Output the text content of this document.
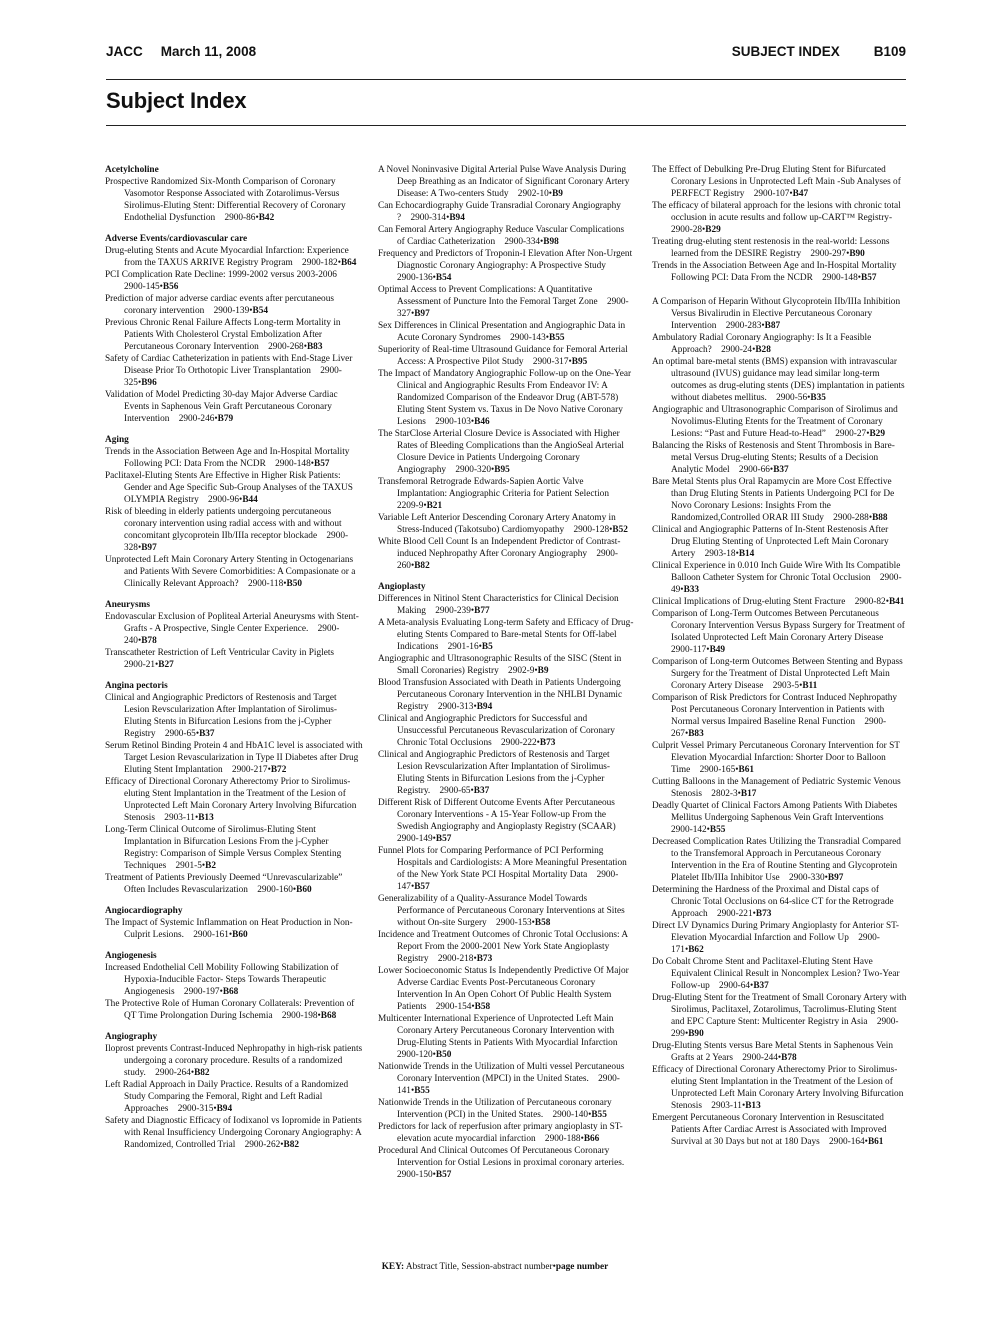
JACC March 11, 2008	SUBJECT INDEX	B109
Subject Index
Acetylcholine
Prospective Randomized Six-Month Comparison of Coronary Vasomotor Response Associated with Zotarolimus-Versus Sirolimus-Eluting Stent: Differential Recovery of Coronary Endothelial Dysfunction 2900-86•B42
Adverse Events/cardiovascular care
Drug-eluting Stents and Acute Myocardial Infarction: Experience from the TAXUS ARRIVE Registry Program 2900-182•B64
PCI Complication Rate Decline: 1999-2002 versus 2003-2006    2900-145•B56
Prediction of major adverse cardiac events after percutaneous coronary intervention 2900-139•B54
Previous Chronic Renal Failure Affects Long-term Mortality in Patients With Cholesterol Crystal Embolization After Percutaneous Coronary Intervention 2900-268•B83
Safety of Cardiac Catheterization in patients with End-Stage Liver Disease Prior To Orthotopic Liver Transplantation 2900-325•B96
Validation of Model Predicting 30-day Major Adverse Cardiac Events in Saphenous Vein Graft Percutaneous Coronary Intervention 2900-246•B79
Aging
Trends in the Association Between Age and In-Hospital Mortality Following PCI: Data From the NCDR 2900-148•B57
Paclitaxel-Eluting Stents Are Effective in Higher Risk Patients: Gender and Age Specific Sub-Group Analyses of the TAXUS OLYMPIA Registry 2900-96•B44
Risk of bleeding in elderly patients undergoing percutaneous coronary intervention using radial access with and without concomitant glycoprotein IIb/IIIa receptor blockade 2900-328•B97
Unprotected Left Main Coronary Artery Stenting in Octogenarians and Patients With Severe Comorbidities: A Compasionate or a Clinically Relevant Approach? 2900-118•B50
Aneurysms
Endovascular Exclusion of Popliteal Arterial Aneurysms with Stent-Grafts - A Prospective, Single Center Experience. 2900-240•B78
Transcatheter Restriction of Left Ventricular Cavity in Piglets    2900-21•B27
Angina pectoris
Clinical and Angiographic Predictors of Restenosis and Target Lesion Revscularization After Implantation of Sirolimus-Eluting Stents in Bifurcation Lesions from the j-Cypher Registry 2900-65•B37
Serum Retinol Binding Protein 4 and HbA1C level is associated with Target Lesion Revascularization in Type II Diabetes after Drug Eluting Stent Implantation 2900-217•B72
Efficacy of Directional Coronary Atherectomy Prior to Sirolimus-eluting Stent Implantation in the Treatment of the Lesion of Unprotected Left Main Coronary Artery Involving Bifurcation Stenosis 2903-11•B13
Long-Term Clinical Outcome of Sirolimus-Eluting Stent Implantation in Bifurcation Lesions From the j-Cypher Registry: Comparison of Simple Versus Complex Stenting Techniques 2901-5•B2
Treatment of Patients Previously Deemed “Unrevascularizable” Often Includes Revascularization 2900-160•B60
Angiocardiography
The Impact of Systemic Inflammation on Heat Production in Non-Culprit Lesions. 2900-161•B60
Angiogenesis
Increased Endothelial Cell Mobility Following Stabilization of Hypoxia-Inducible Factor- Steps Towards Therapeutic Angiogenesis 2900-197•B68
The Protective Role of Human Coronary Collaterals: Prevention of QT Time Prolongation During Ischemia 2900-198•B68
Angiography
Iloprost prevents Contrast-Induced Nephropathy in high-risk patients undergoing a coronary procedure. Results of a randomized study. 2900-264•B82
Left Radial Approach in Daily Practice. Results of a Randomized Study Comparing the Femoral, Right and Left Radial Approaches 2900-315•B94
Safety and Diagnostic Efficacy of Iodixanol vs Iopromide in Patients with Renal Insufficiency Undergoing Coronary Angiography: A Randomized, Controlled Trial 2900-262•B82
A Novel Noninvasive Digital Arterial Pulse Wave Analysis During Deep Breathing as an Indicator of Significant Coronary Artery Disease: A Two-centers Study 2902-10•B9
Can Echocardiography Guide Transradial Coronary Angiography ? 2900-314•B94
Can Femoral Artery Angiography Reduce Vascular Complications of Cardiac Catheterization 2900-334•B98
Frequency and Predictors of Troponin-I Elevation After Non-Urgent Diagnostic Coronary Angiography: A Prospective Study    2900-136•B54
Optimal Access to Prevent Complications: A Quantitative Assessment of Puncture Into the Femoral Target Zone 2900-327•B97
Sex Differences in Clinical Presentation and Angiographic Data in Acute Coronary Syndromes 2900-143•B55
Superiority of Real-time Ultrasound Guidance for Femoral Arterial Access: A Prospective Pilot Study 2900-317•B95
The Impact of Mandatory Angiographic Follow-up on the One-Year Clinical and Angiographic Results From Endeavor IV: A Randomized Comparison of the Endeavor Drug (ABT-578) Eluting Stent System vs. Taxus in De Novo Native Coronary Lesions 2900-103•B46
The StarClose Arterial Closure Device is Associated with Higher Rates of Bleeding Complications than the AngioSeal Arterial Closure Device in Patients Undergoing Coronary Angiography 2900-320•B95
Transfemoral Retrograde Edwards-Sapien Aortic Valve Implantation: Angiographic Criteria for Patient Selection    2209-9•B21
Variable Left Anterior Descending Coronary Artery Anatomy in Stress-Induced (Takotsubo) Cardiomyopathy 2900-128•B52
White Blood Cell Count Is an Independent Predictor of Contrast-induced Nephropathy After Coronary Angiography 2900-260•B82
Angioplasty
Differences in Nitinol Stent Characteristics for Clinical Decision Making 2900-239•B77
A Meta-analysis Evaluating Long-term Safety and Efficacy of Drug-eluting Stents Compared to Bare-metal Stents for Off-label Indications 2901-16•B5
Angiographic and Ultrasonographic Results of the SISC (Stent in Small Coronaries) Registry 2902-9•B9
Blood Transfusion Associated with Death in Patients Undergoing Percutaneous Coronary Intervention in the NHLBI Dynamic Registry 2900-313•B94
Clinical and Angiographic Predictors for Successful and Unsuccessful Percutaneous Revascularization of Coronary Chronic Total Occlusions 2900-222•B73
Clinical and Angiographic Predictors of Restenosis and Target Lesion Revscularization After Implantation of Sirolimus-Eluting Stents in Bifurcation Lesions from the j-Cypher Registry. 2900-65•B37
Different Risk of Different Outcome Events After Percutaneous Coronary Interventions - A 15-Year Follow-up From the Swedish Angiography and Angioplasty Registry (SCAAR)    2900-149•B57
Funnel Plots for Comparing Performance of PCI Performing Hospitals and Cardiologists: A More Meaningful Presentation of the New York State PCI Hospital Mortality Data 2900-147•B57
Generalizability of a Quality-Assurance Model Towards Performance of Percutaneous Coronary Interventions at Sites without On-site Surgery 2900-153•B58
Incidence and Treatment Outcomes of Chronic Total Occlusions: A Report From the 2000-2001 New York State Angioplasty Registry 2900-218•B73
Lower Socioeconomic Status Is Independently Predictive Of Major Adverse Cardiac Events Post-Percutaneous Coronary Intervention In An Open Cohort Of Public Health System Patients 2900-154•B58
Multicenter International Experience of Unprotected Left Main Coronary Artery Percutaneous Coronary Intervention with Drug-Eluting Stents in Patients With Myocardial Infarction    2900-120•B50
Nationwide Trends in the Utilization of Multi vessel Percutaneous Coronary Intervention (MPCI) in the United States. 2900-141•B55
Nationwide Trends in the Utilization of Percutaneous coronary Intervention (PCI) in the United States. 2900-140•B55
Predictors for lack of reperfusion after primary angioplasty in ST-elevation acute myocardial infarction 2900-188•B66
Procedural And Clinical Outcomes Of Percutaneous Coronary Intervention for Ostial Lesions in proximal coronary arteries.    2900-150•B57
The Effect of Debulking Pre-Drug Eluting Stent for Bifurcated Coronary Lesions in Unprotected Left Main -Sub Analyses of PERFECT Registry 2900-107•B47
The efficacy of bilateral approach for the lesions with chronic total occlusion in acute results and follow up-CART™ Registry-    2900-28•B29
Treating drug-eluting stent restenosis in the real-world: Lessons learned from the DESIRE Registry 2900-297•B90
Trends in the Association Between Age and In-Hospital Mortality Following PCI: Data From the NCDR 2900-148•B57
A Comparison of Heparin Without Glycoprotein IIb/IIIa Inhibition Versus Bivalirudin in Elective Percutaneous Coronary Intervention 2900-283•B87
Ambulatory Radial Coronary Angiography: Is It a Feasible Approach? 2900-24•B28
An optimal bare-metal stents (BMS) expansion with intravascular ultrasound (IVUS) guidance may lead similar long-term outcomes as drug-eluting stents (DES) implantation in patients without diabetes mellitus. 2900-56•B35
Angiographic and Ultrasonographic Comparison of Sirolimus and Novolimus-Eluting Etents for the Treatment of Coronary Lesions: “Past and Future Head-to-Head” 2900-27•B29
Balancing the Risks of Restenosis and Stent Thrombosis in Bare-metal Versus Drug-eluting Stents; Results of a Decision Analytic Model 2900-66•B37
Bare Metal Stents plus Oral Rapamycin are More Cost Effective than Drug Eluting Stents in Patients Undergoing PCI for De Novo Coronary Lesions: Insights From the Randomized,Controlled ORAR III Study 2900-288•B88
Clinical and Angiographic Patterns of In-Stent Restenosis After Drug Eluting Stenting of Unprotected Left Main Coronary Artery 2903-18•B14
Clinical Experience in 0.010 Inch Guide Wire With Its Compatible Balloon Catheter System for Chronic Total Occlusion 2900-49•B33
Clinical Implications of Drug-eluting Stent Fracture 2900-82•B41
Comparison of Long-Term Outcomes Between Percutaneous Coronary Intervention Versus Bypass Surgery for Treatment of Isolated Unprotected Left Main Coronary Artery Disease    2900-117•B49
Comparison of Long-term Outcomes Between Stenting and Bypass Surgery for the Treatment of Distal Unprotected Left Main Coronary Artery Disease 2903-5•B11
Comparison of Risk Predictors for Contrast Induced Nephropathy Post Percutaneous Coronary Intervention in Patients with Normal versus Impaired Baseline Renal Function 2900-267•B83
Culprit Vessel Primary Percutaneous Coronary Intervention for ST Elevation Myocardial Infarction: Shorter Door to Balloon Time 2900-165•B61
Cutting Balloons in the Management of Pediatric Systemic Venous Stenosis 2802-3•B17
Deadly Quartet of Clinical Factors Among Patients With Diabetes Mellitus Undergoing Saphenous Vein Graft Interventions    2900-142•B55
Decreased Complication Rates Utilizing the Transradial Compared to the Transfemoral Approach in Percutaneous Coronary Intervention in the Era of Routine Stenting and Glycoprotein Platelet IIb/IIIa Inhibitor Use 2900-330•B97
Determining the Hardness of the Proximal and Distal caps of Chronic Total Occlusions on 64-slice CT for the Retrograde Approach 2900-221•B73
Direct LV Dynamics During Primary Angioplasty for Anterior ST-Elevation Myocardial Infarction and Follow Up 2900-171•B62
Do Cobalt Chrome Stent and Paclitaxel-Eluting Stent Have Equivalent Clinical Result in Noncomplex Lesion? Two-Year Follow-up 2900-64•B37
Drug-Eluting Stent for the Treatment of Small Coronary Artery with Sirolimus, Paclitaxel, Zotarolimus, Tacrolimus-Eluting Stent and EPC Capture Stent: Multicenter Registry in Asia 2900-299•B90
Drug-Eluting Stents versus Bare Metal Stents in Saphenous Vein Grafts at 2 Years 2900-244•B78
Efficacy of Directional Coronary Atherectomy Prior to Sirolimus-eluting Stent Implantation in the Treatment of the Lesion of Unprotected Left Main Coronary Artery Involving Bifurcation Stenosis 2903-11•B13
Emergent Percutaneous Coronary Intervention in Resuscitated Patients After Cardiac Arrest is Associated with Improved Survival at 30 Days but not at 180 Days 2900-164•B61
KEY: Abstract Title, Session-abstract number•page number
